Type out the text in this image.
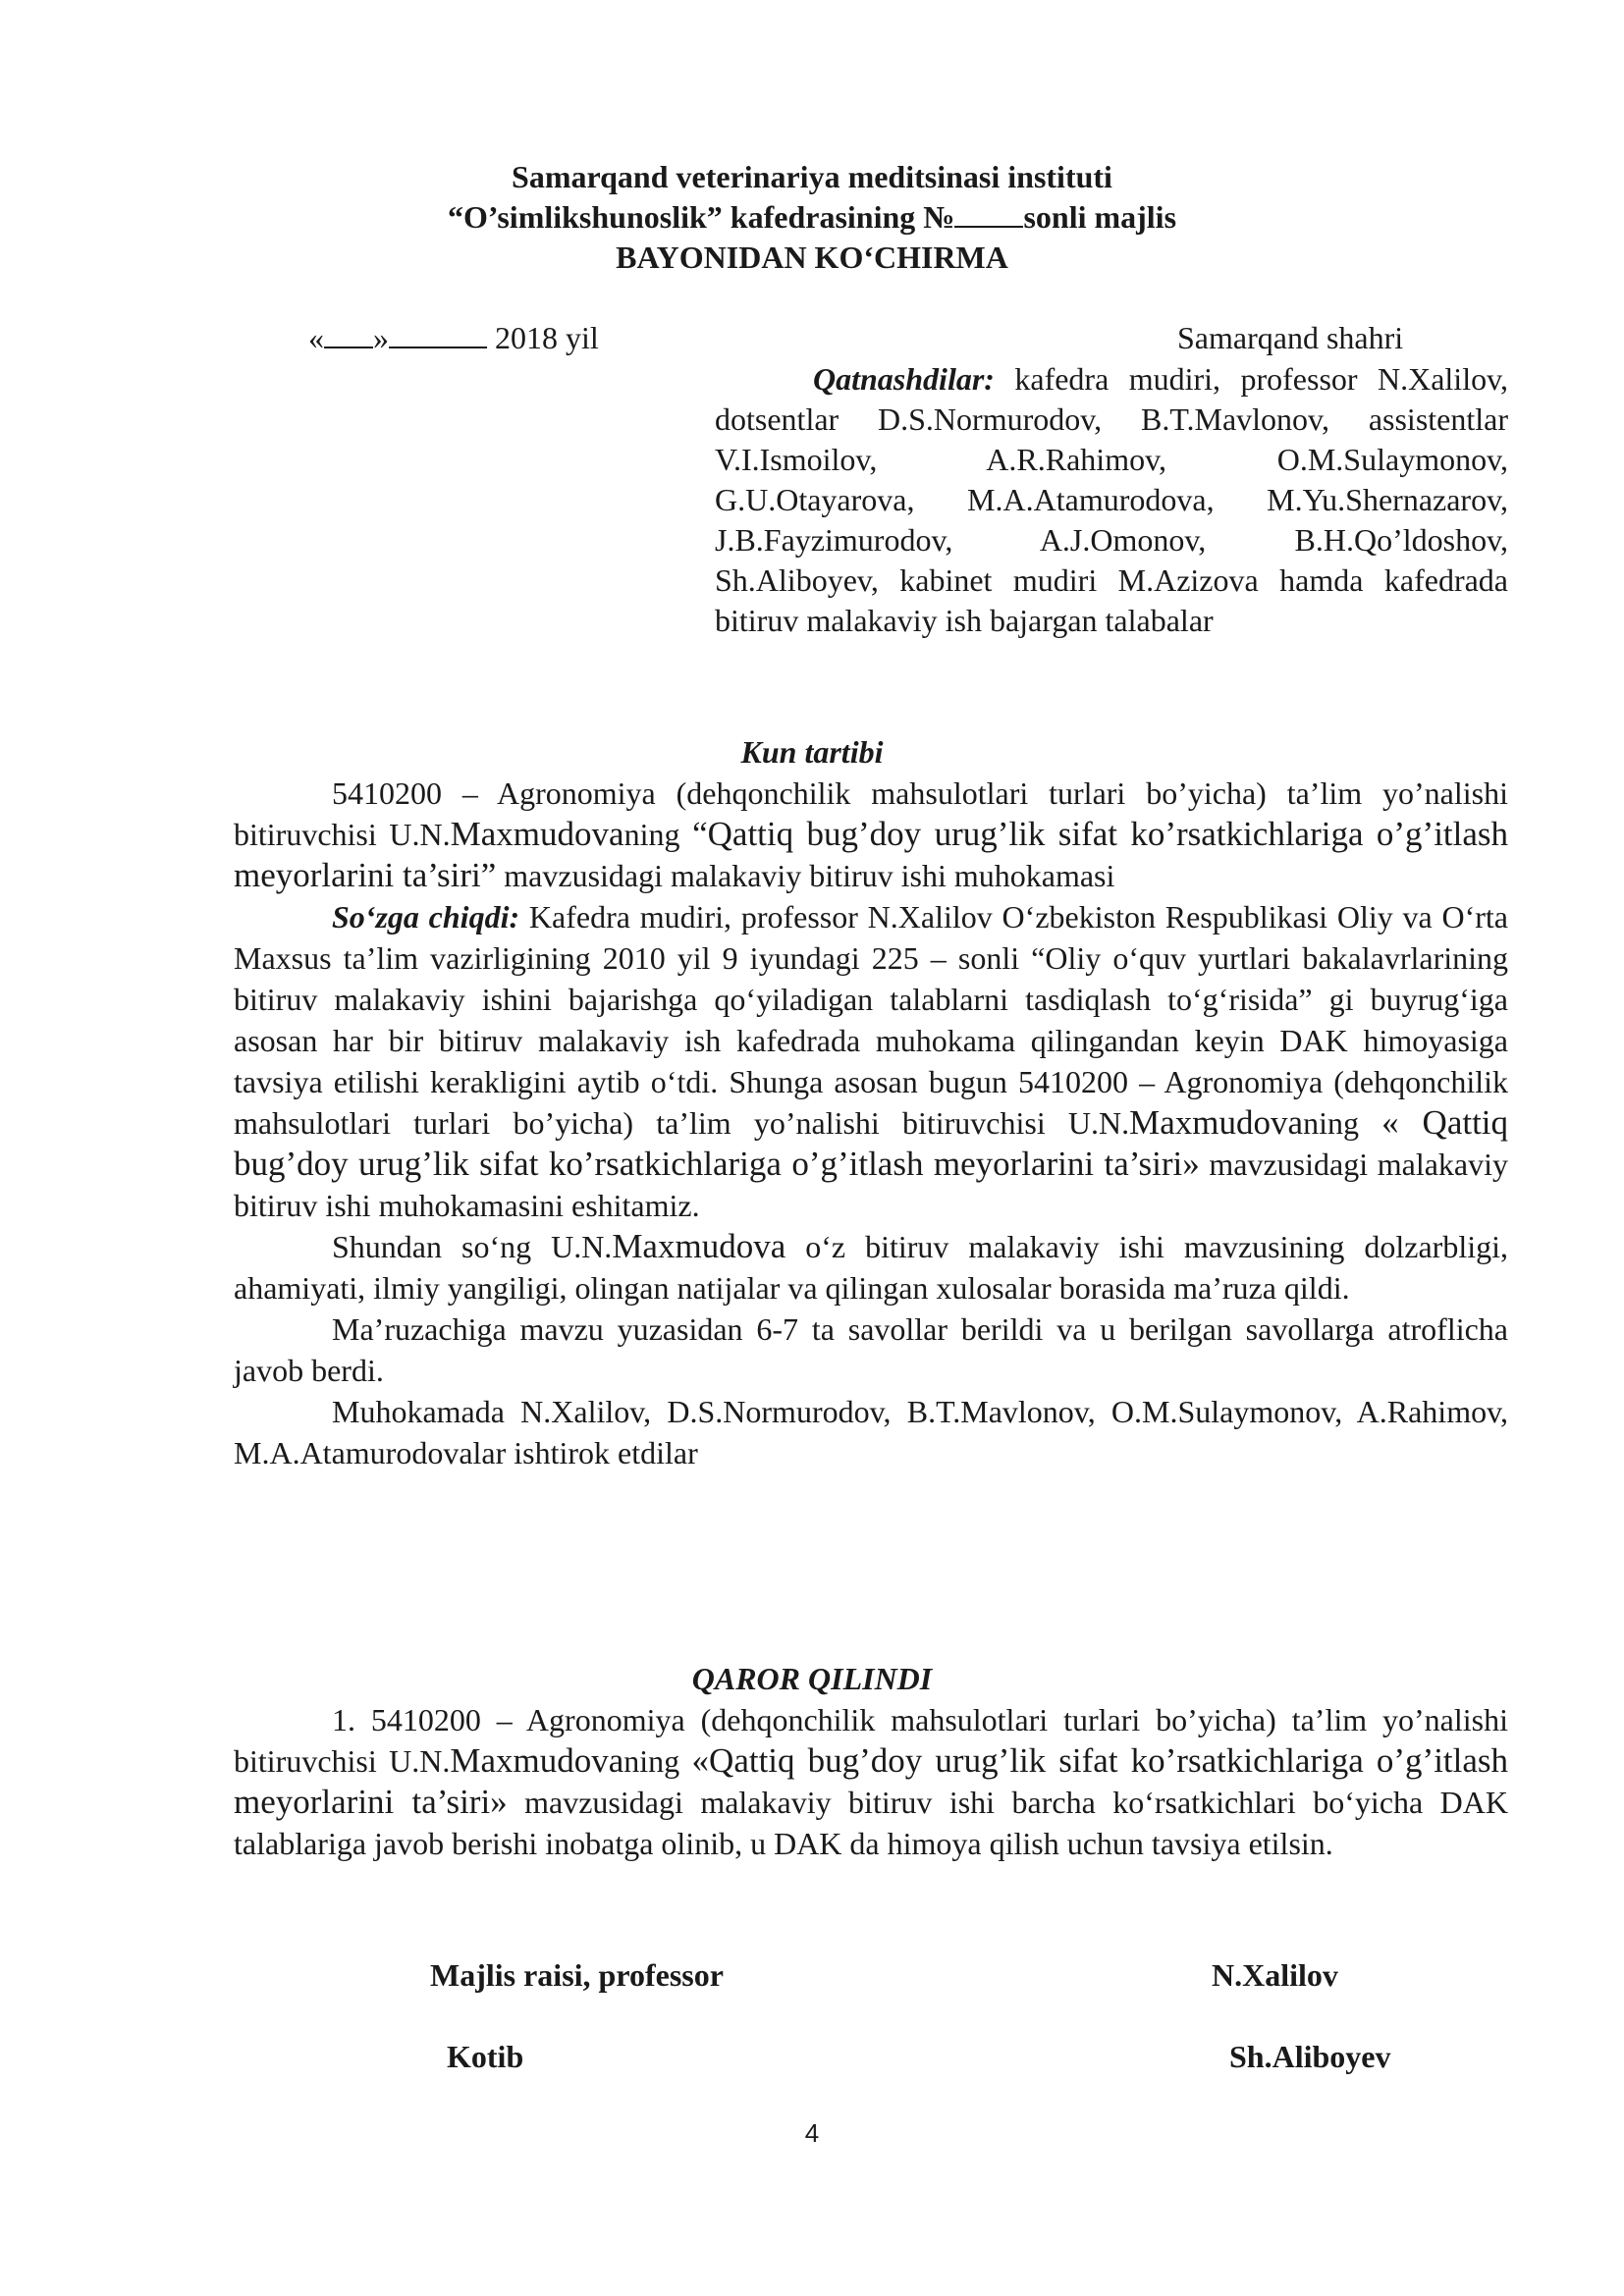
Samarqand veterinariya meditsinasi instituti
“O’simlikshunoslik” kafedrasining № sonli majlis
BAYONIDAN KO‘CHIRMA
« »	2018 yil	Samarqand shahri
Qatnashdilar: kafedra mudiri, professor N.Xalilov, dotsentlar D.S.Normurodov, B.T.Mavlonov, assistentlar V.I.Ismoilov, A.R.Rahimov, O.M.Sulaymonov, G.U.Otayarova, M.A.Atamurodova, M.Yu.Shernazarov, J.B.Fayzimurodov, A.J.Omonov, B.H.Qo’ldoshov, Sh.Aliboyev, kabinet mudiri M.Azizova hamda kafedrada bitiruv malakaviy ish bajargan talabalar
Kun tartibi

5410200 – Agronomiya (dehqonchilik mahsulotlari turlari bo’yicha) ta’lim yo’nalishi bitiruvchisi U.N.Maxmudovaning “Qattiq bug’doy urug’lik sifat ko’rsatkichlariga o’g’itlash meyorlarini ta’siri” mavzusidagi malakaviy bitiruv ishi muhokamasi

So‘zga chiqdi: Kafedra mudiri, professor N.Xalilov O‘zbekiston Respublikasi Oliy va O‘rta Maxsus ta’lim vazirligining 2010 yil 9 iyundagi 225 – sonli “Oliy o‘quv yurtlari bakalavrlarining bitiruv malakaviy ishini bajarishga qo‘yiladigan talablarni tasdiqlash to‘g‘risida” gi buyrug‘iga asosan har bir bitiruv malakaviy ish kafedrada muhokama qilingandan keyin DAK himoyasiga tavsiya etilishi kerakligini aytib o‘tdi. Shunga asosan bugun 5410200 – Agronomiya (dehqonchilik mahsulotlari turlari bo’yicha) ta’lim yo’nalishi bitiruvchisi U.N.Maxmudovaning « Qattiq bug’doy urug’lik sifat ko’rsatkichlariga o’g’itlash meyorlarini ta’siri» mavzusidagi malakaviy bitiruv ishi muhokamasini eshitamiz.

Shundan so‘ng U.N.Maxmudova o‘z bitiruv malakaviy ishi mavzusining dolzarbligi, ahamiyati, ilmiy yangiligi, olingan natijalar va qilingan xulosalar borasida ma’ruza qildi.

Ma’ruzachiga mavzu yuzasidan 6-7 ta savollar berildi va u berilgan savollarga atroflicha javob berdi.

Muhokamada N.Xalilov, D.S.Normurodov, B.T.Mavlonov, O.M.Sulaymonov, A.Rahimov, M.A.Atamurodovalar ishtirok etdilar

QAROR QILINDI

1. 5410200 – Agronomiya (dehqonchilik mahsulotlari turlari bo’yicha) ta’lim yo’nalishi bitiruvchisi U.N.Maxmudovaning «Qattiq bug’doy urug’lik sifat ko’rsatkichlariga o’g’itlash meyorlarini ta’siri» mavzusidagi malakaviy bitiruv ishi barcha ko‘rsatkichlari bo‘yicha DAK talablariga javob berishi inobatga olinib, u DAK da himoya qilish uchun tavsiya etilsin.

Majlis raisi, professor	N.Xalilov
Kotib	Sh.Aliboyev
4
